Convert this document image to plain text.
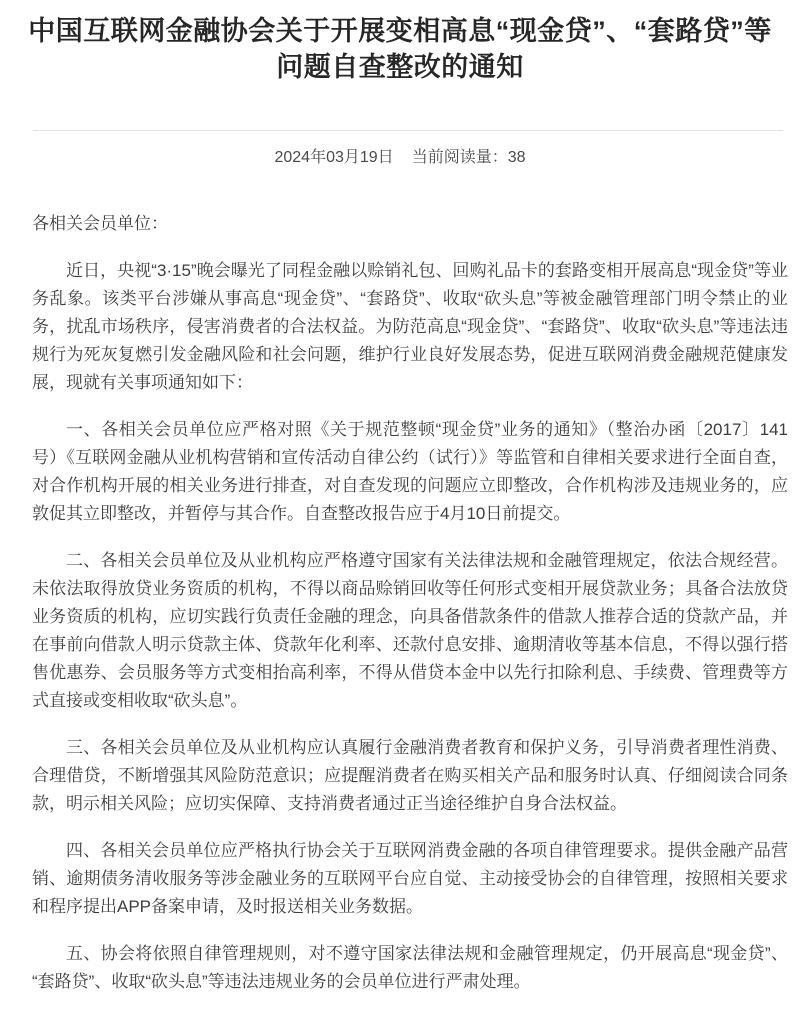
中国互联网金融协会关于开展变相高息“现金贷”、“套路贷”等问题自查整改的通知
2024年03月19日 当前阅读量：38

各相关会员单位：

近日，央视“3·15”晚会曝光了同程金融以赊销礼包、回购礼品卡的套路变相开展高息“现金贷”等业务乱象。该类平台涉嫌从事高息“现金贷”、“套路贷”、收取“砍头息”等被金融管理部门明令禁止的业务，扰乱市场秩序，侵害消费者的合法权益。为防范高息“现金贷”、“套路贷”、收取“砍头息”等违法违规行为死灰复燃引发金融风险和社会问题，维护行业良好发展态势，促进互联网消费金融规范健康发展，现就有关事项通知如下：

一、各相关会员单位应严格对照《关于规范整顿“现金贷”业务的通知》（整治办函〔2017〕141号）《互联网金融从业机构营销和宣传活动自律公约（试行）》等监管和自律相关要求进行全面自查，对合作机构开展的相关业务进行排查，对自查发现的问题应立即整改，合作机构涉及违规业务的，应敦促其立即整改，并暂停与其合作。自查整改报告应于4月10日前提交。

二、各相关会员单位及从业机构应严格遵守国家有关法律法规和金融管理规定，依法合规经营。未依法取得放贷业务资质的机构，不得以商品赊销回收等任何形式变相开展贷款业务；具备合法放贷业务资质的机构，应切实践行负责任金融的理念，向具备借款条件的借款人推荐合适的贷款产品，并在事前向借款人明示贷款主体、贷款年化利率、还款付息安排、逾期清收等基本信息，不得以强行搭售优惠券、会员服务等方式变相抬高利率，不得从借贷本金中以先行扣除利息、手续费、管理费等方式直接或变相收取“砍头息”。

三、各相关会员单位及从业机构应认真履行金融消费者教育和保护义务，引导消费者理性消费、合理借贷，不断增强其风险防范意识；应提醒消费者在购买相关产品和服务时认真、仔细阅读合同条款，明示相关风险；应切实保障、支持消费者通过正当途径维护自身合法权益。

四、各相关会员单位应严格执行协会关于互联网消费金融的各项自律管理要求。提供金融产品营销、逾期债务清收服务等涉金融业务的互联网平台应自觉、主动接受协会的自律管理，按照相关要求和程序提出APP备案申请，及时报送相关业务数据。

五、协会将依照自律管理规则，对不遵守国家法律法规和金融管理规定，仍开展高息“现金贷”、“套路贷”、收取“砍头息”等违法违规业务的会员单位进行严肃处理。
